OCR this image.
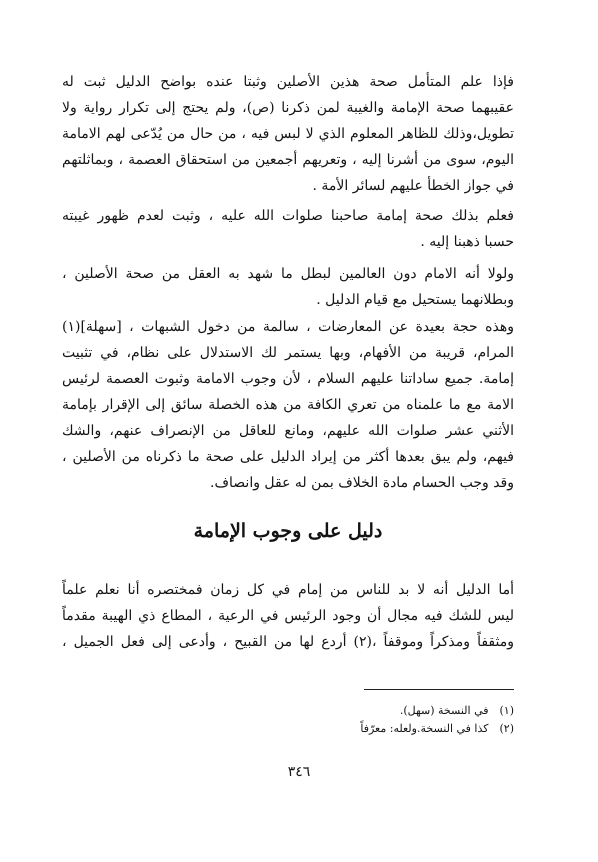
فإذا علم المتأمل صحة هذين الأصلين وثبتا عنده بواضح الدليل ثبت له
عقيبهما صحة الإمامة والغيبة لمن ذكرنا (ص)، ولم يحتج إلى تكرار رواية ولا
تطويل،وذلك للظاهر المعلوم الذي لا لبس فيه ، من حال من يُدّعى لهم الامامة
اليوم، سوى من أشرنا إليه ، وتعريهم أجمعين من استحقاق العصمة ، وبماثلتهم
في جواز الخطأ عليهم لسائر الأمة .
فعلم بذلك صحة إمامة صاحبنا صلوات الله عليه ، وثبت لعدم ظهور غيبته
حسبا ذهبنا إليه .
ولولا أنه الامام دون العالمين لبطل ما شهد به العقل من صحة الأصلين ،
وبطلانهما يستحيل مع قيام الدليل .
وهذه حجة بعيدة عن المعارضات ، سالمة من دخول الشبهات ، [سهلة](١)
المرام، قريبة من الأفهام، وبها يستمر لك الاستدلال على نظام، في تثبيت
إمامة. جميع ساداتنا عليهم السلام ، لأن وجوب الامامة وثبوت العصمة لرئيس
الامة مع ما علمناه من تعري الكافة من هذه الخصلة سائق إلى الإقرار بإمامة
الأثني عشر صلوات الله عليهم، ومانع للعاقل من الإنصراف عنهم، والشك
فيهم، ولم يبق بعدها أكثر من إيراد الدليل على صحة ما ذكرناه من الأصلين ،
وقد وجب الحسام مادة الخلاف بمن له عقل وانصاف.
دليل على وجوب الإمامة
أما الدليل أنه لا بد للناس من إمام في كل زمان فمختصره أنا نعلم علماً
ليس للشك فيه مجال أن وجود الرئيس في الرعية ، المطاع ذي الهيبة مقدماً
ومثقفاً ومذكراً وموقفاً ،(٢) أردع لها من القبيح ، وأدعى إلى فعل الجميل ،
(١) في النسخة (سهل).
(٢) كذا في النسخة.ولعله: معرّفاً
٣٤٦
